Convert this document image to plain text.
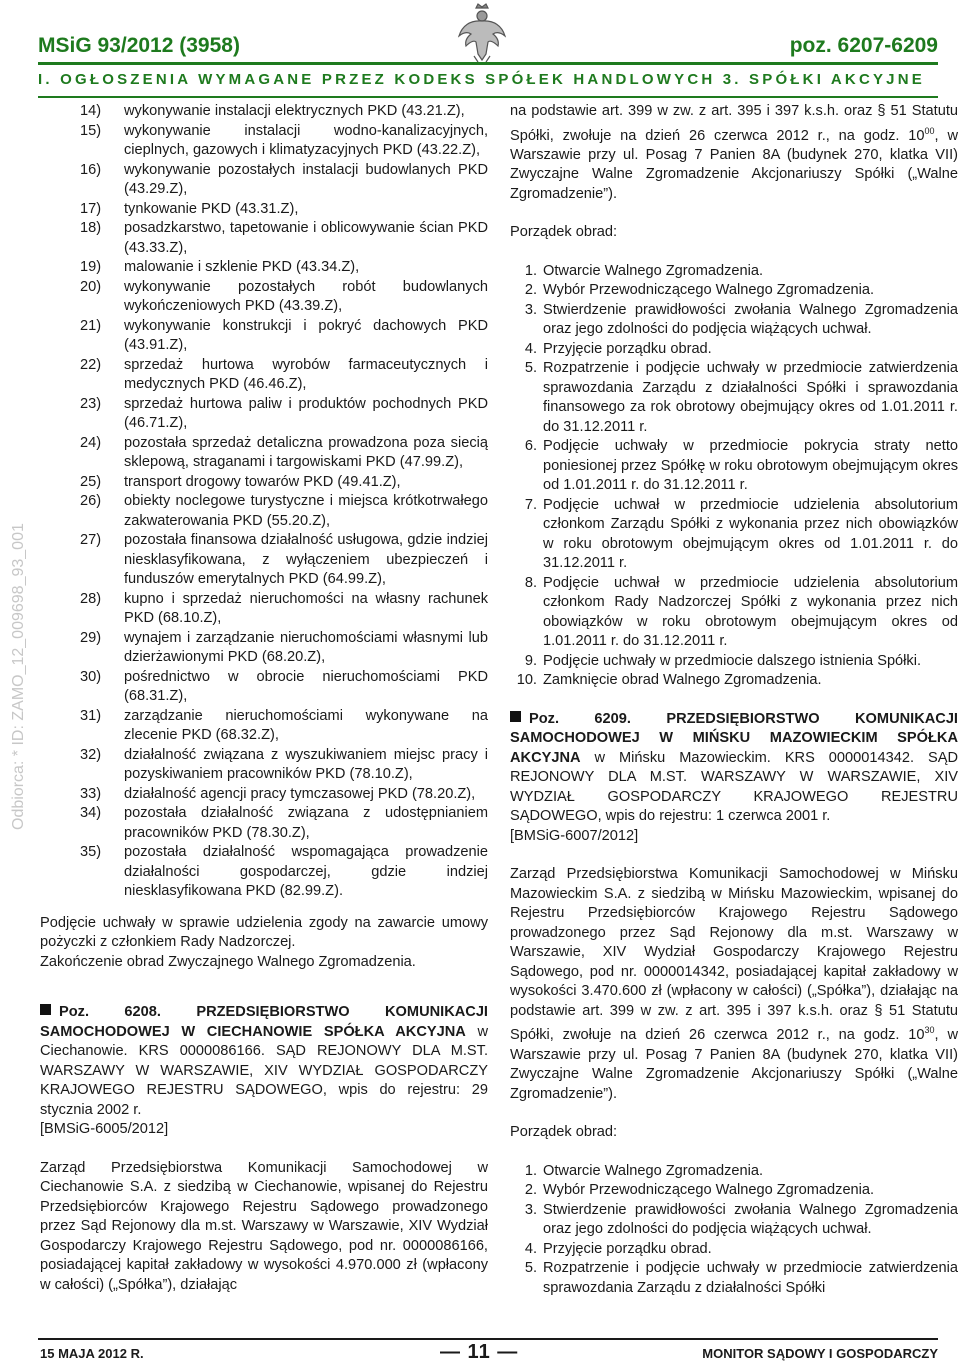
MSiG 93/2012 (3958)	poz. 6207-6209
I. OGŁOSZENIA WYMAGANE PRZEZ KODEKS SPÓŁEK HANDLOWYCH 3. SPÓŁKI AKCYJNE
Odbiorca: * ID: ZAMO_12_009698_93_001
14)	wykonywanie instalacji elektrycznych PKD (43.21.Z),
15)	wykonywanie instalacji wodno-kanalizacyjnych, cieplnych, gazowych i klimatyzacyjnych PKD (43.22.Z),
16)	wykonywanie pozostałych instalacji budowlanych PKD (43.29.Z),
17)	tynkowanie PKD (43.31.Z),
18)	posadzkarstwo, tapetowanie i oblicowywanie ścian PKD (43.33.Z),
19)	malowanie i szklenie PKD (43.34.Z),
20)	wykonywanie pozostałych robót budowlanych wykończeniowych PKD (43.39.Z),
21)	wykonywanie konstrukcji i pokryć dachowych PKD (43.91.Z),
22)	sprzedaż hurtowa wyrobów farmaceutycznych i medycznych PKD (46.46.Z),
23)	sprzedaż hurtowa paliw i produktów pochodnych PKD (46.71.Z),
24)	pozostała sprzedaż detaliczna prowadzona poza siecią sklepową, straganami i targowiskami PKD (47.99.Z),
25)	transport drogowy towarów PKD (49.41.Z),
26)	obiekty noclegowe turystyczne i miejsca krótkotrwałego zakwaterowania PKD (55.20.Z),
27)	pozostała finansowa działalność usługowa, gdzie indziej niesklasyfikowana, z wyłączeniem ubezpieczeń i funduszów emerytalnych PKD (64.99.Z),
28)	kupno i sprzedaż nieruchomości na własny rachunek PKD (68.10.Z),
29)	wynajem i zarządzanie nieruchomościami własnymi lub dzierżawionymi PKD (68.20.Z),
30)	pośrednictwo w obrocie nieruchomościami PKD (68.31.Z),
31)	zarządzanie nieruchomościami wykonywane na zlecenie PKD (68.32.Z),
32)	działalność związana z wyszukiwaniem miejsc pracy i pozyskiwaniem pracowników PKD (78.10.Z),
33)	działalność agencji pracy tymczasowej PKD (78.20.Z),
34)	pozostała działalność związana z udostępnianiem pracowników PKD (78.30.Z),
35)	pozostała działalność wspomagająca prowadzenie działalności gospodarczej, gdzie indziej niesklasyfikowana PKD (82.99.Z).

Podjęcie uchwały w sprawie udzielenia zgody na zawarcie umowy pożyczki z członkiem Rady Nadzorczej.

Zakończenie obrad Zwyczajnego Walnego Zgromadzenia.

Poz. 6208. PRZEDSIĘBIORSTWO KOMUNIKACJI SAMOCHODOWEJ W CIECHANOWIE SPÓŁKA AKCYJNA w Ciechanowie. KRS 0000086166. SĄD REJONOWY DLA M.ST. WARSZAWY W WARSZAWIE, XIV WYDZIAŁ GOSPODARCZY KRAJOWEGO REJESTRU SĄDOWEGO, wpis do rejestru: 29 stycznia 2002 r.

[BMSiG-6005/2012]

Zarząd Przedsiębiorstwa Komunikacji Samochodowej w Ciechanowie S.A. z siedzibą w Ciechanowie, wpisanej do Rejestru Przedsiębiorców Krajowego Rejestru Sądowego prowadzonego przez Sąd Rejonowy dla m.st. Warszawy w Warszawie, XIV Wydział Gospodarczy Krajowego Rejestru Sądowego, pod nr. 0000086166, posiadającej kapitał zakładowy w wysokości 4.970.000 zł (wpłacony w całości) („Spółka”), działając

na podstawie art. 399 w zw. z art. 395 i 397 k.s.h. oraz § 51 Statutu Spółki, zwołuje na dzień 26 czerwca 2012 r., na godz. $10^{00}$, w Warszawie przy ul. Posag 7 Panien 8A (budynek 270, klatka VII) Zwyczajne Walne Zgromadzenie Akcjonariuszy Spółki („Walne Zgromadzenie”).

Porządek obrad:

1. Otwarcie Walnego Zgromadzenia.
2. Wybór Przewodniczącego Walnego Zgromadzenia.
3. Stwierdzenie prawidłowości zwołania Walnego Zgromadzenia oraz jego zdolności do podjęcia wiążących uchwał.
4. Przyjęcie porządku obrad.
5. Rozpatrzenie i podjęcie uchwały w przedmiocie zatwierdzenia sprawozdania Zarządu z działalności Spółki i sprawozdania finansowego za rok obrotowy obejmujący okres od 1.01.2011 r. do 31.12.2011 r.
6. Podjęcie uchwały w przedmiocie pokrycia straty netto poniesionej przez Spółkę w roku obrotowym obejmującym okres od 1.01.2011 r. do 31.12.2011 r.
7. Podjęcie uchwał w przedmiocie udzielenia absolutorium członkom Zarządu Spółki z wykonania przez nich obowiązków w roku obrotowym obejmującym okres od 1.01.2011 r. do 31.12.2011 r.
8. Podjęcie uchwał w przedmiocie udzielenia absolutorium członkom Rady Nadzorczej Spółki z wykonania przez nich obowiązków w roku obrotowym obejmującym okres od 1.01.2011 r. do 31.12.2011 r.
9. Podjęcie uchwały w przedmiocie dalszego istnienia Spółki.
10. Zamknięcie obrad Walnego Zgromadzenia.

Poz. 6209. PRZEDSIĘBIORSTWO KOMUNIKACJI SAMOCHODOWEJ W MIŃSKU MAZOWIECKIM SPÓŁKA AKCYJNA w Mińsku Mazowieckim. KRS 0000014342. SĄD REJONOWY DLA M.ST. WARSZAWY W WARSZAWIE, XIV WYDZIAŁ GOSPODARCZY KRAJOWEGO REJESTRU SĄDOWEGO, wpis do rejestru: 1 czerwca 2001 r.

[BMSiG-6007/2012]

Zarząd Przedsiębiorstwa Komunikacji Samochodowej w Mińsku Mazowieckim S.A. z siedzibą w Mińsku Mazowieckim, wpisanej do Rejestru Przedsiębiorców Krajowego Rejestru Sądowego prowadzonego przez Sąd Rejonowy dla m.st. Warszawy w Warszawie, XIV Wydział Gospodarczy Krajowego Rejestru Sądowego, pod nr. 0000014342, posiadającej kapitał zakładowy w wysokości 3.470.600 zł (wpłacony w całości) („Spółka”), działając na podstawie art. 399 w zw. z art. 395 i 397 k.s.h. oraz § 51 Statutu Spółki, zwołuje na dzień 26 czerwca 2012 r., na godz. $10^{30}$, w Warszawie przy ul. Posag 7 Panien 8A (budynek 270, klatka VII) Zwyczajne Walne Zgromadzenie Akcjonariuszy Spółki („Walne Zgromadzenie”).

Porządek obrad:

1. Otwarcie Walnego Zgromadzenia.
2. Wybór Przewodniczącego Walnego Zgromadzenia.
3. Stwierdzenie prawidłowości zwołania Walnego Zgromadzenia oraz jego zdolności do podjęcia wiążących uchwał.
4. Przyjęcie porządku obrad.
5. Rozpatrzenie i podjęcie uchwały w przedmiocie zatwierdzenia sprawozdania Zarządu z działalności Spółki
15 MAJA 2012 R.	— 11 —	MONITOR SĄDOWY I GOSPODARCZY
